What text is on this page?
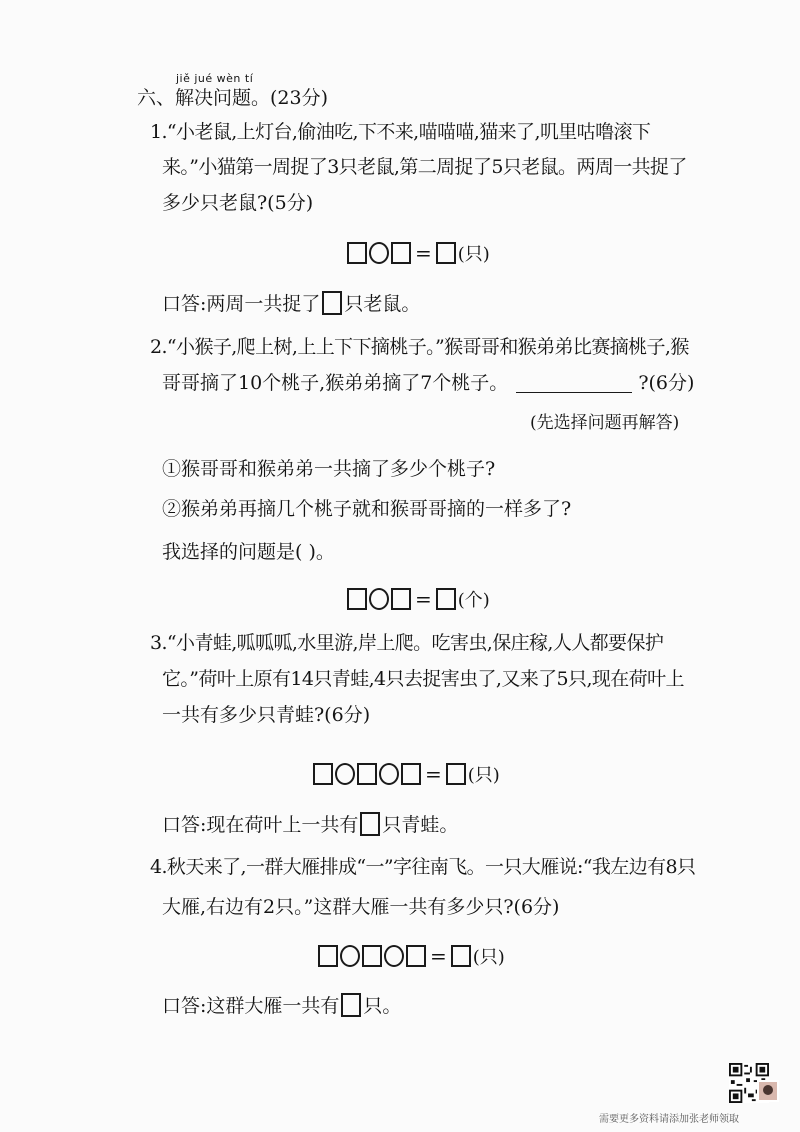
jiě jué wèn tí
六、解决问题。(23分)
1.“小老鼠,上灯台,偷油吃,下不来,喵喵喵,猫来了,叽里咕噜滚下
来。”小猫第一周捉了3只老鼠,第二周捉了5只老鼠。两周一共捉了
多少只老鼠?(5分)
= (只)
口答:两周一共捉了 只老鼠。
2.“小猴子,爬上树,上上下下摘桃子。”猴哥哥和猴弟弟比赛摘桃子,猴
哥哥摘了10个桃子,猴弟弟摘了7个桃子。	?(6分)
(先选择问题再解答)
①猴哥哥和猴弟弟一共摘了多少个桃子?
②猴弟弟再摘几个桃子就和猴哥哥摘的一样多了?
我选择的问题是( )。
= (个)
3.“小青蛙,呱呱呱,水里游,岸上爬。吃害虫,保庄稼,人人都要保护
它。”荷叶上原有14只青蛙,4只去捉害虫了,又来了5只,现在荷叶上
一共有多少只青蛙?(6分)
= (只)
口答:现在荷叶上一共有 只青蛙。
4.秋天来了,一群大雁排成“一”字往南飞。一只大雁说:“我左边有8只
大雁,右边有2只。”这群大雁一共有多少只?(6分)
= (只)
口答:这群大雁一共有 只。
需要更多资料请添加张老师领取
